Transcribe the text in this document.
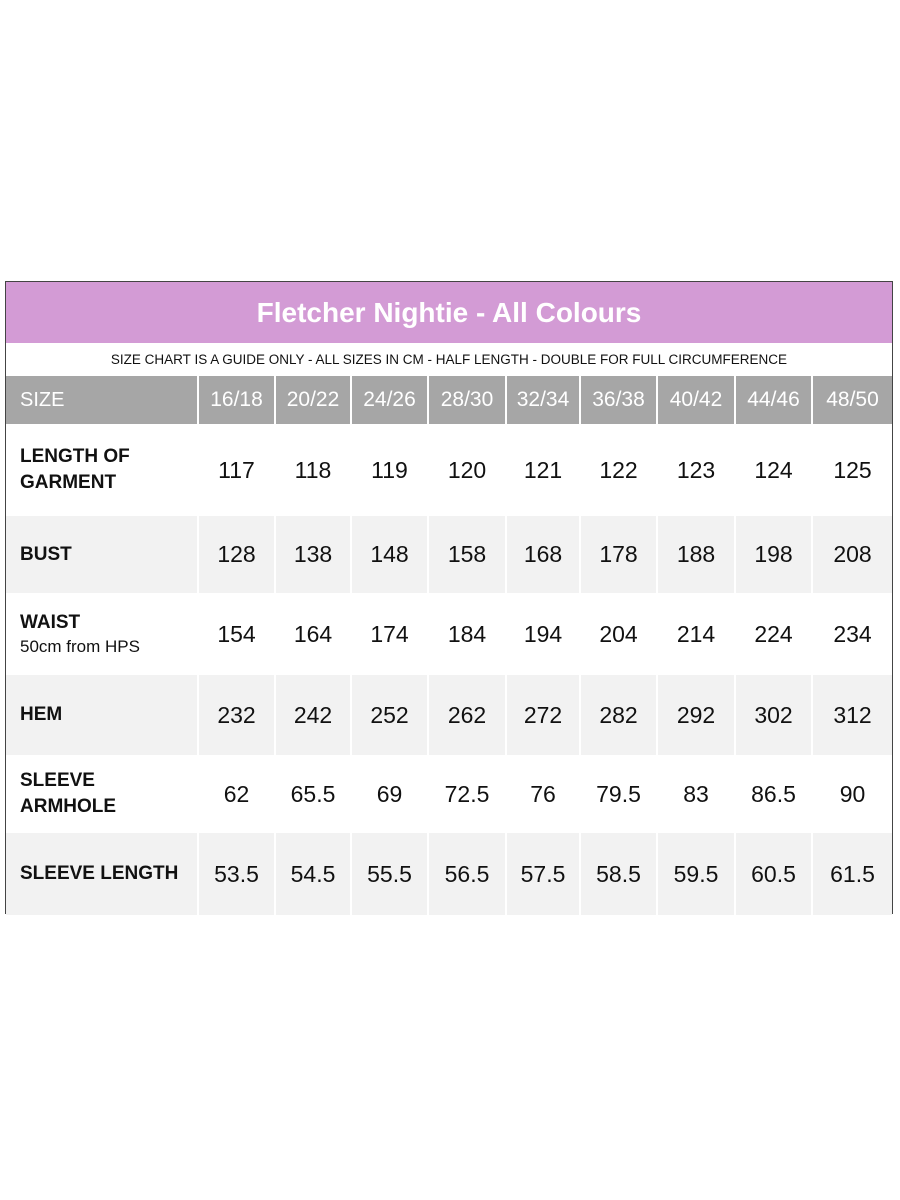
Fletcher Nightie - All Colours
SIZE CHART IS A GUIDE ONLY - ALL SIZES IN CM - HALF LENGTH - DOUBLE FOR FULL CIRCUMFERENCE
SIZE	16/18	20/22	24/26	28/30	32/34	36/38	40/42	44/46	48/50
LENGTH OF GARMENT	117	118	119	120	121	122	123	124	125
BUST	128	138	148	158	168	178	188	198	208
WAIST
50cm from HPS	154	164	174	184	194	204	214	224	234
HEM	232	242	252	262	272	282	292	302	312
SLEEVE ARMHOLE	62	65.5	69	72.5	76	79.5	83	86.5	90
SLEEVE LENGTH	53.5	54.5	55.5	56.5	57.5	58.5	59.5	60.5	61.5
